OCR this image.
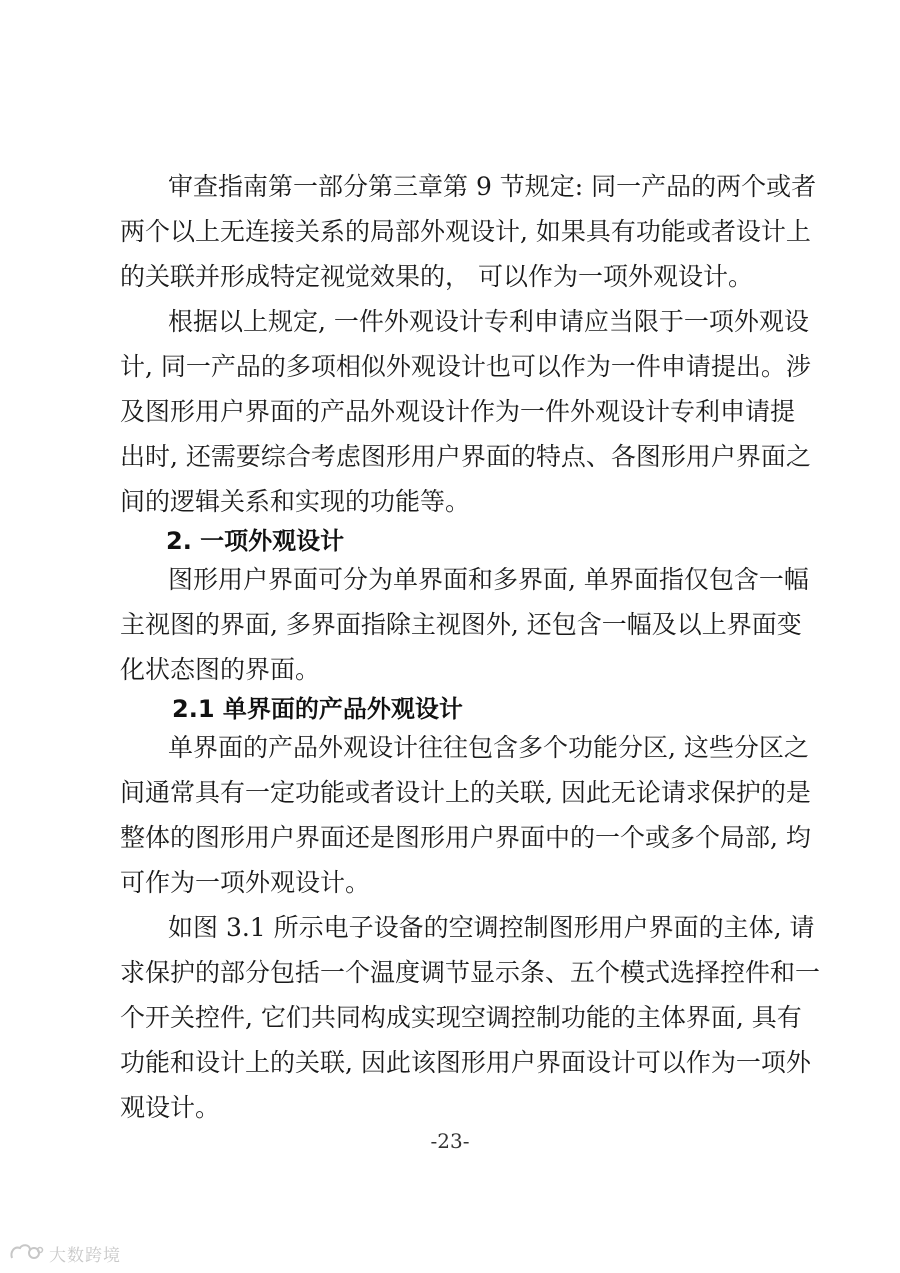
审查指南第一部分第三章第 9 节规定: 同一产品的两个或者
两个以上无连接关系的局部外观设计, 如果具有功能或者设计上
的关联并形成特定视觉效果的， 可以作为一项外观设计。
根据以上规定, 一件外观设计专利申请应当限于一项外观设
计, 同一产品的多项相似外观设计也可以作为一件申请提出。涉
及图形用户界面的产品外观设计作为一件外观设计专利申请提
出时, 还需要综合考虑图形用户界面的特点、各图形用户界面之
间的逻辑关系和实现的功能等。
2. 一项外观设计
图形用户界面可分为单界面和多界面, 单界面指仅包含一幅
主视图的界面, 多界面指除主视图外, 还包含一幅及以上界面变
化状态图的界面。
2.1 单界面的产品外观设计
单界面的产品外观设计往往包含多个功能分区, 这些分区之
间通常具有一定功能或者设计上的关联, 因此无论请求保护的是
整体的图形用户界面还是图形用户界面中的一个或多个局部, 均
可作为一项外观设计。
如图 3.1 所示电子设备的空调控制图形用户界面的主体, 请
求保护的部分包括一个温度调节显示条、五个模式选择控件和一
个开关控件, 它们共同构成实现空调控制功能的主体界面, 具有
功能和设计上的关联, 因此该图形用户界面设计可以作为一项外
观设计。
-23-
大数跨境
